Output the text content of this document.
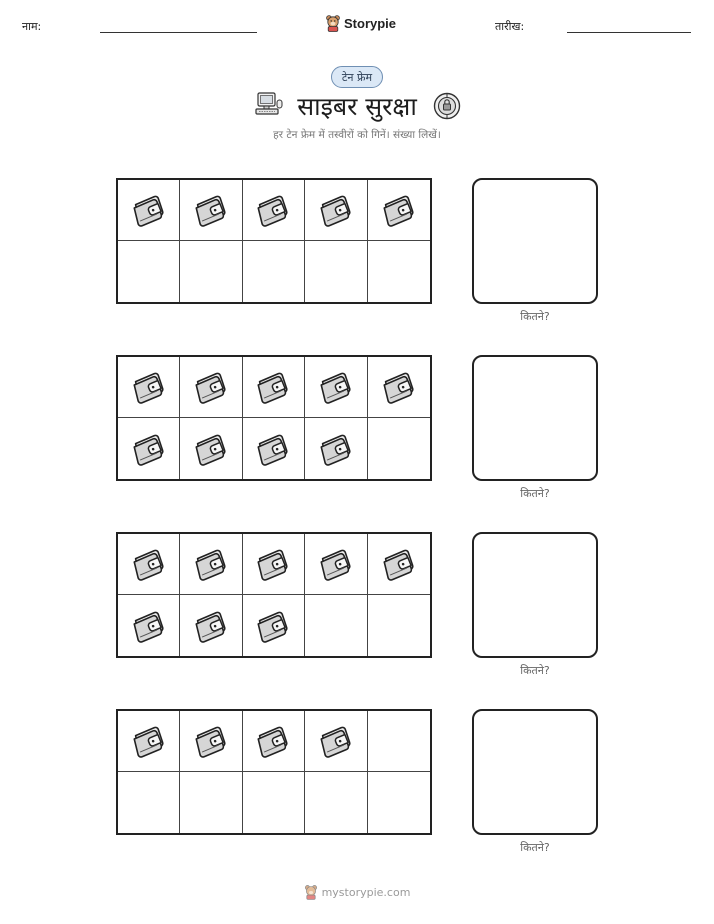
नाम:	Storypie	तारीख:
टेन फ्रेम
साइबर सुरक्षा
हर टेन फ्रेम में तस्वीरों को गिनें। संख्या लिखें।
कितने?
कितने?
कितने?
कितने?
mystorypie.com
